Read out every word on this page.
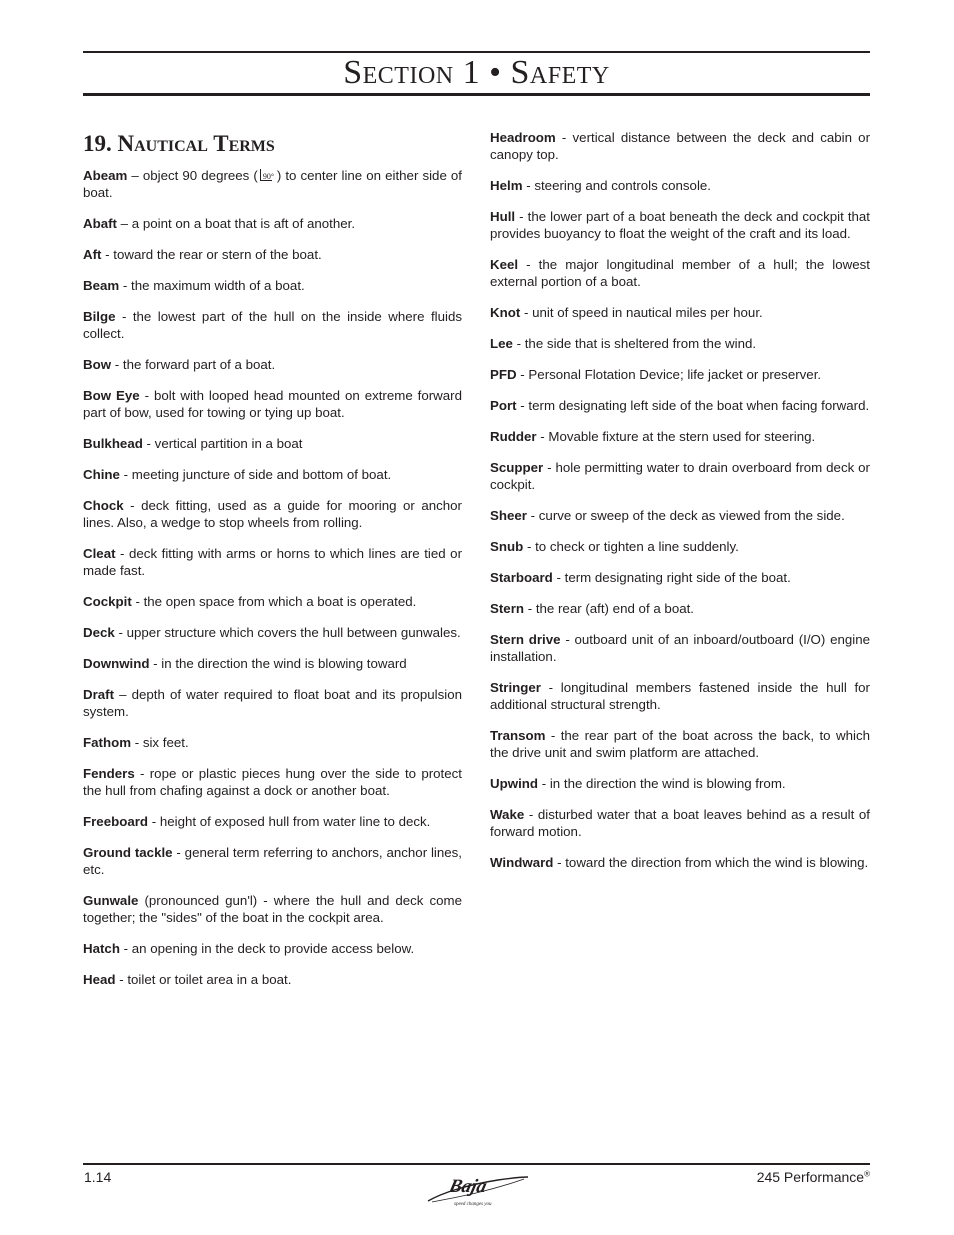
Section 1 • Safety
19. Nautical Terms
Abeam – object 90 degrees ( 90° ) to center line on either side of boat.
Abaft – a point on a boat that is aft of another.
Aft - toward the rear or stern of the boat.
Beam - the maximum width of a boat.
Bilge - the lowest part of the hull on the inside where fluids collect.
Bow - the forward part of a boat.
Bow Eye - bolt with looped head mounted on extreme forward part of bow, used for towing or tying up boat.
Bulkhead - vertical partition in a boat
Chine - meeting juncture of side and bottom of boat.
Chock - deck fitting, used as a guide for mooring or anchor lines. Also, a wedge to stop wheels from rolling.
Cleat - deck fitting with arms or horns to which lines are tied or made fast.
Cockpit - the open space from which a boat is operated.
Deck - upper structure which covers the hull between gunwales.
Downwind - in the direction the wind is blowing toward
Draft – depth of water required to float boat and its propulsion system.
Fathom - six feet.
Fenders - rope or plastic pieces hung over the side to protect the hull from chafing against a dock or another boat.
Freeboard - height of exposed hull from water line to deck.
Ground tackle - general term referring to anchors, anchor lines, etc.
Gunwale (pronounced gun'l) - where the hull and deck come together; the "sides" of the boat in the cockpit area.
Hatch - an opening in the deck to provide access below.
Head - toilet or toilet area in a boat.
Headroom - vertical distance between the deck and cabin or canopy top.
Helm - steering and controls console.
Hull - the lower part of a boat beneath the deck and cockpit that provides buoyancy to float the weight of the craft and its load.
Keel - the major longitudinal member of a hull; the lowest external portion of a boat.
Knot - unit of speed in nautical miles per hour.
Lee - the side that is sheltered from the wind.
PFD - Personal Flotation Device; life jacket or preserver.
Port - term designating left side of the boat when facing forward.
Rudder - Movable fixture at the stern used for steering.
Scupper - hole permitting water to drain overboard from deck or cockpit.
Sheer - curve or sweep of the deck as viewed from the side.
Snub - to check or tighten a line suddenly.
Starboard - term designating right side of the boat.
Stern - the rear (aft) end of a boat.
Stern drive - outboard unit of an inboard/outboard (I/O) engine installation.
Stringer - longitudinal members fastened inside the hull for additional structural strength.
Transom - the rear part of the boat across the back, to which the drive unit and swim platform are attached.
Upwind - in the direction the wind is blowing from.
Wake - disturbed water that a boat leaves behind as a result of forward motion.
Windward - toward the direction from which the wind is blowing.
1.14	Baja
speed changes you
245 Performance®
